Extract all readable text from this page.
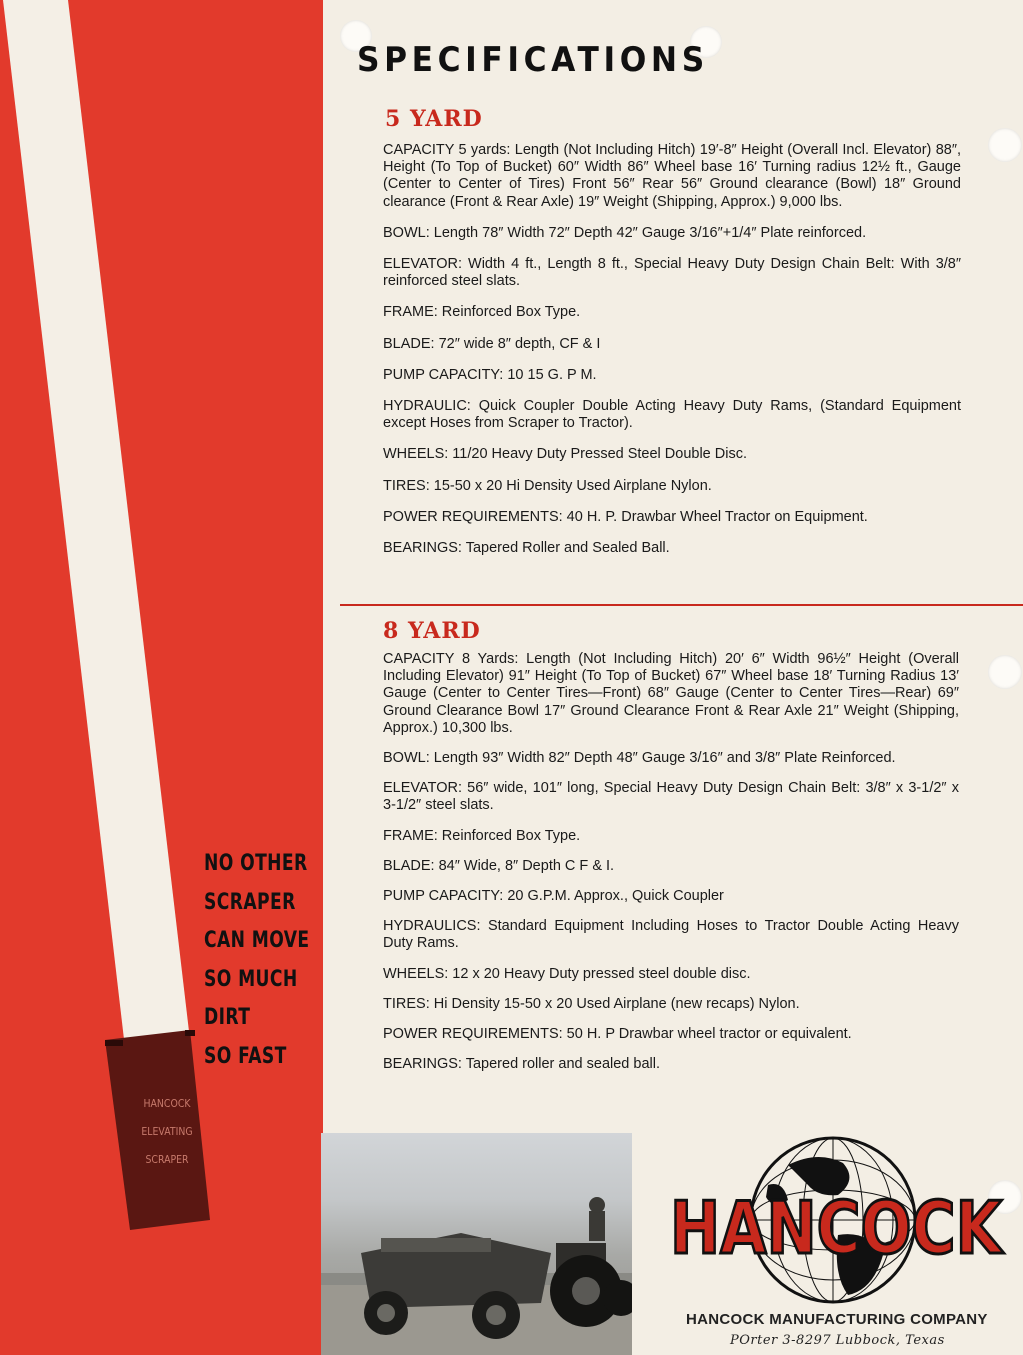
NO OTHER
SCRAPER
CAN MOVE
SO MUCH
DIRT
SO FAST
HANCOCK
ELEVATING
SCRAPER
SPECIFICATIONS
5 YARD

CAPACITY 5 yards: Length (Not Including Hitch) 19′-8″ Height (Overall Incl. Elevator) 88″, Height (To Top of Bucket) 60″ Width 86″ Wheel base 16′ Turning radius 12½ ft., Gauge (Center to Center of Tires) Front 56″ Rear 56″ Ground clearance (Bowl) 18″ Ground clearance (Front & Rear Axle) 19″ Weight (Shipping, Approx.) 9,000 lbs.

BOWL: Length 78″ Width 72″ Depth 42″ Gauge 3/16″+1/4″ Plate reinforced.

ELEVATOR: Width 4 ft., Length 8 ft., Special Heavy Duty Design Chain Belt: With 3/8″ reinforced steel slats.

FRAME: Reinforced Box Type.

BLADE: 72″ wide 8″ depth, CF & I

PUMP CAPACITY: 10 15 G. P M.

HYDRAULIC: Quick Coupler Double Acting Heavy Duty Rams, (Standard Equipment except Hoses from Scraper to Tractor).

WHEELS: 11/20 Heavy Duty Pressed Steel Double Disc.

TIRES: 15-50 x 20 Hi Density Used Airplane Nylon.

POWER REQUIREMENTS: 40 H. P. Drawbar Wheel Tractor on Equipment.

BEARINGS: Tapered Roller and Sealed Ball.

8 YARD

CAPACITY 8 Yards: Length (Not Including Hitch) 20′ 6″ Width 96½″ Height (Overall Including Elevator) 91″ Height (To Top of Bucket) 67″ Wheel base 18′ Turning Radius 13′ Gauge (Center to Center Tires—Front) 68″ Gauge (Center to Center Tires—Rear) 69″ Ground Clearance Bowl 17″ Ground Clearance Front & Rear Axle 21″ Weight (Shipping, Approx.) 10,300 lbs.

BOWL: Length 93″ Width 82″ Depth 48″ Gauge 3/16″ and 3/8″ Plate Reinforced.

ELEVATOR: 56″ wide, 101″ long, Special Heavy Duty Design Chain Belt: 3/8″ x 3-1/2″ x 3-1/2″ steel slats.

FRAME: Reinforced Box Type.

BLADE: 84″ Wide, 8″ Depth C F & I.

PUMP CAPACITY: 20 G.P.M. Approx., Quick Coupler

HYDRAULICS: Standard Equipment Including Hoses to Tractor Double Acting Heavy Duty Rams.

WHEELS: 12 x 20 Heavy Duty pressed steel double disc.

TIRES: Hi Density 15-50 x 20 Used Airplane (new recaps) Nylon.

POWER REQUIREMENTS: 50 H. P Drawbar wheel tractor or equivalent.

BEARINGS: Tapered roller and sealed ball.

HANCOCK
HANCOCK MANUFACTURING COMPANY
POrter 3-8297 Lubbock, Texas
